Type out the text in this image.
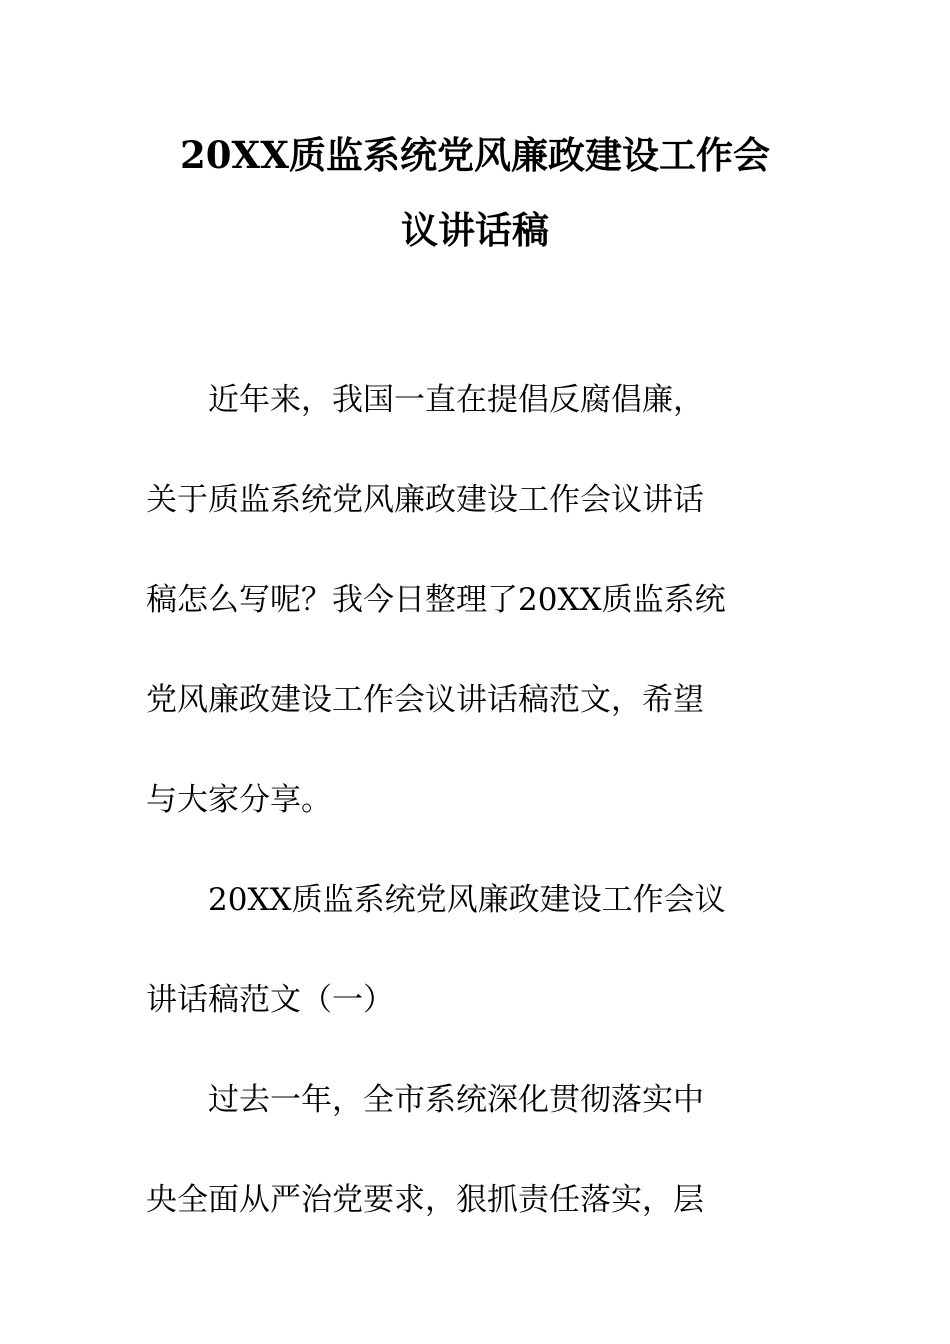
20XX质监系统党风廉政建设工作会
议讲话稿
　　近年来，我国一直在提倡反腐倡廉，
关于质监系统党风廉政建设工作会议讲话
稿怎么写呢？我今日整理了20XX质监系统
党风廉政建设工作会议讲话稿范文，希望
与大家分享。
　　20XX质监系统党风廉政建设工作会议
讲话稿范文（一）
　　过去一年，全市系统深化贯彻落实中
央全面从严治党要求，狠抓责任落实，层
